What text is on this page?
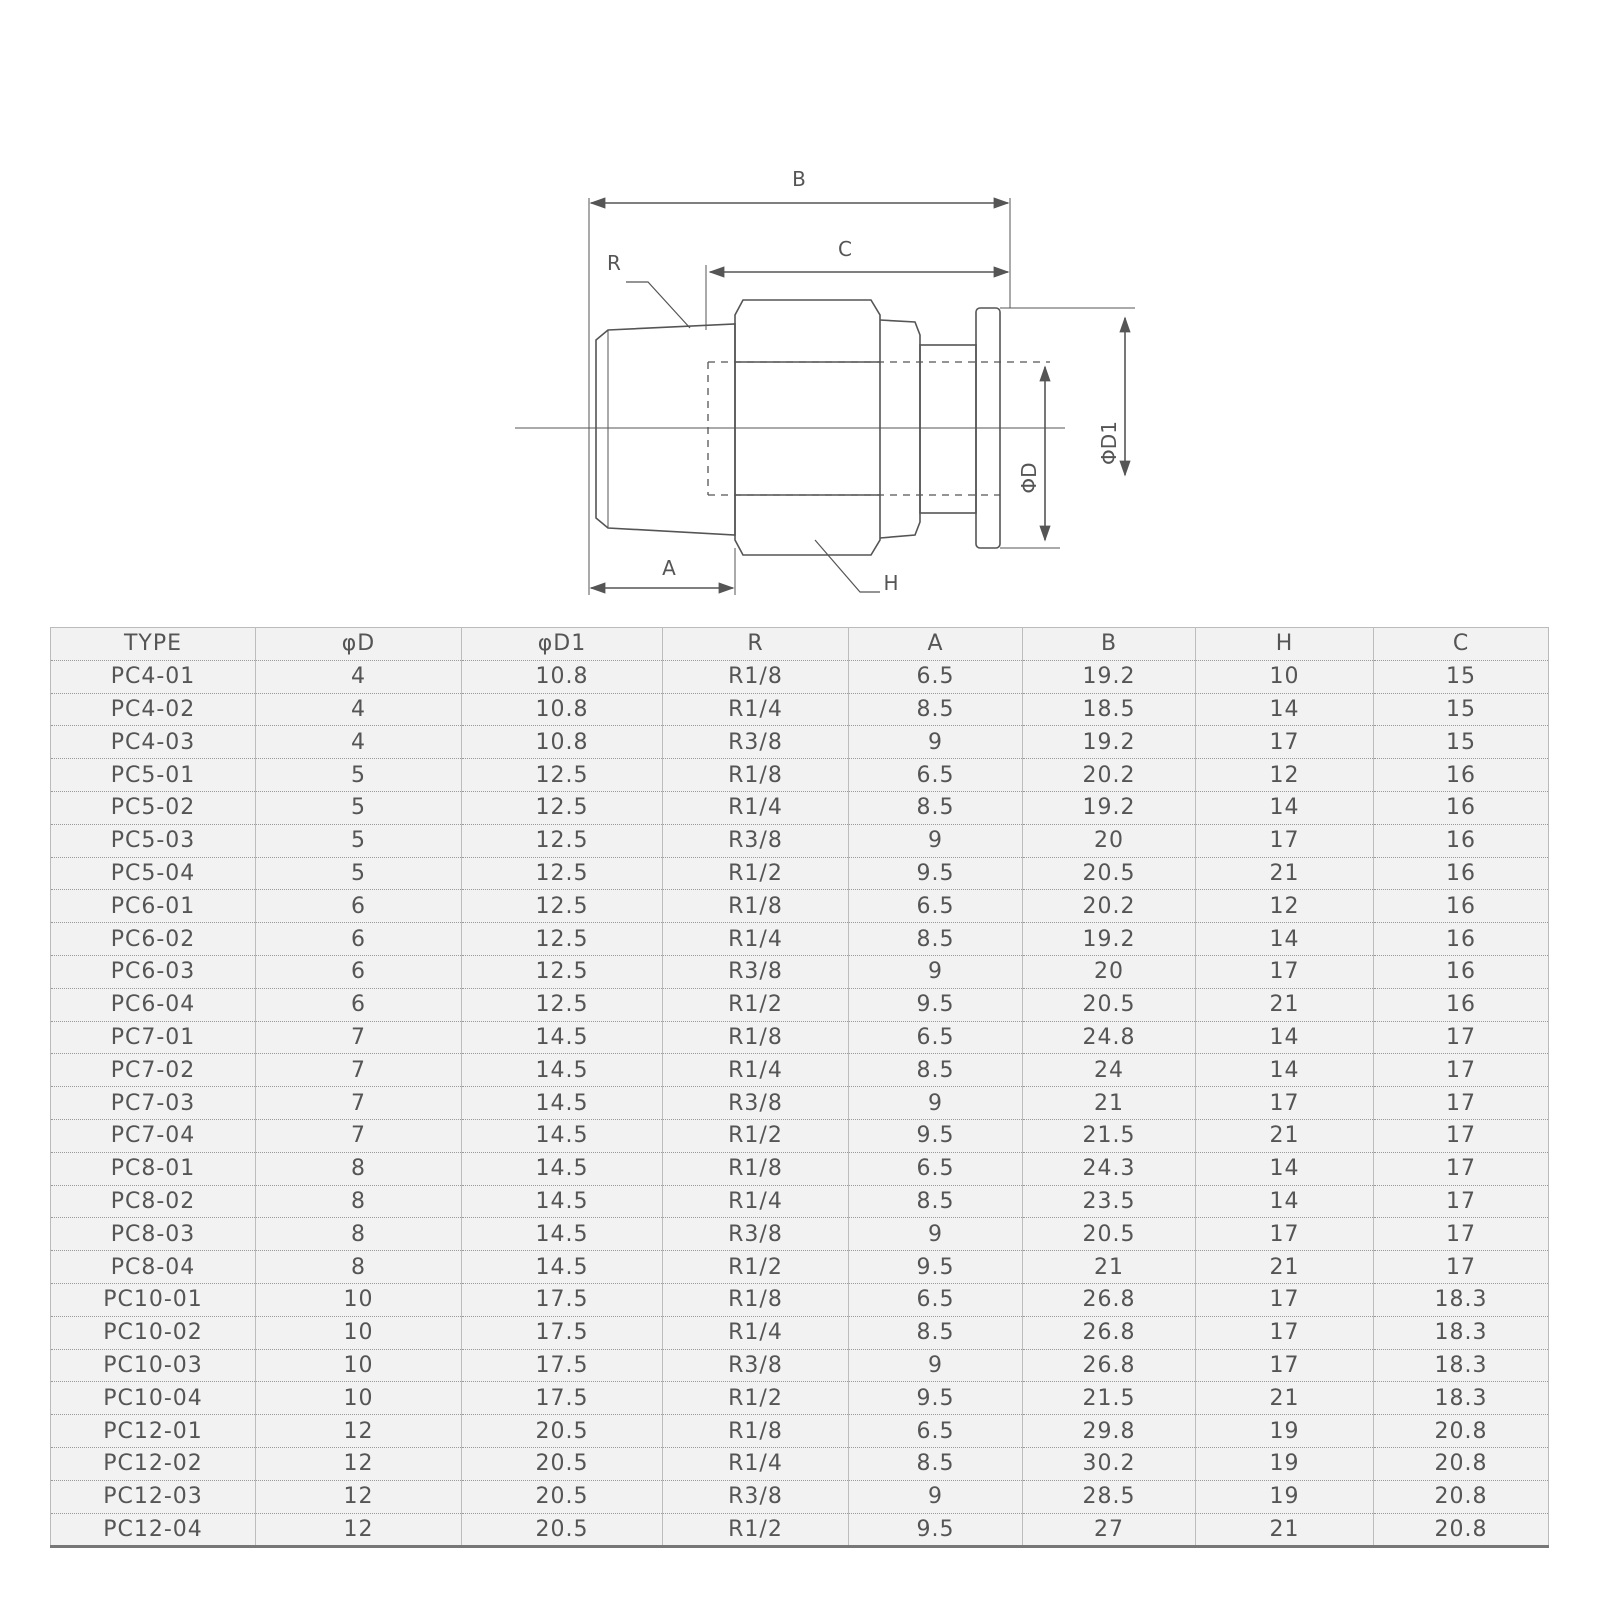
B
C
R
A
H
ΦD
ΦD1
TYPE	φD	φD1	R	A	B	H	C
PC4-01	4	10.8	R1/8	6.5	19.2	10	15
PC4-02	4	10.8	R1/4	8.5	18.5	14	15
PC4-03	4	10.8	R3/8	9	19.2	17	15
PC5-01	5	12.5	R1/8	6.5	20.2	12	16
PC5-02	5	12.5	R1/4	8.5	19.2	14	16
PC5-03	5	12.5	R3/8	9	20	17	16
PC5-04	5	12.5	R1/2	9.5	20.5	21	16
PC6-01	6	12.5	R1/8	6.5	20.2	12	16
PC6-02	6	12.5	R1/4	8.5	19.2	14	16
PC6-03	6	12.5	R3/8	9	20	17	16
PC6-04	6	12.5	R1/2	9.5	20.5	21	16
PC7-01	7	14.5	R1/8	6.5	24.8	14	17
PC7-02	7	14.5	R1/4	8.5	24	14	17
PC7-03	7	14.5	R3/8	9	21	17	17
PC7-04	7	14.5	R1/2	9.5	21.5	21	17
PC8-01	8	14.5	R1/8	6.5	24.3	14	17
PC8-02	8	14.5	R1/4	8.5	23.5	14	17
PC8-03	8	14.5	R3/8	9	20.5	17	17
PC8-04	8	14.5	R1/2	9.5	21	21	17
PC10-01	10	17.5	R1/8	6.5	26.8	17	18.3
PC10-02	10	17.5	R1/4	8.5	26.8	17	18.3
PC10-03	10	17.5	R3/8	9	26.8	17	18.3
PC10-04	10	17.5	R1/2	9.5	21.5	21	18.3
PC12-01	12	20.5	R1/8	6.5	29.8	19	20.8
PC12-02	12	20.5	R1/4	8.5	30.2	19	20.8
PC12-03	12	20.5	R3/8	9	28.5	19	20.8
PC12-04	12	20.5	R1/2	9.5	27	21	20.8
